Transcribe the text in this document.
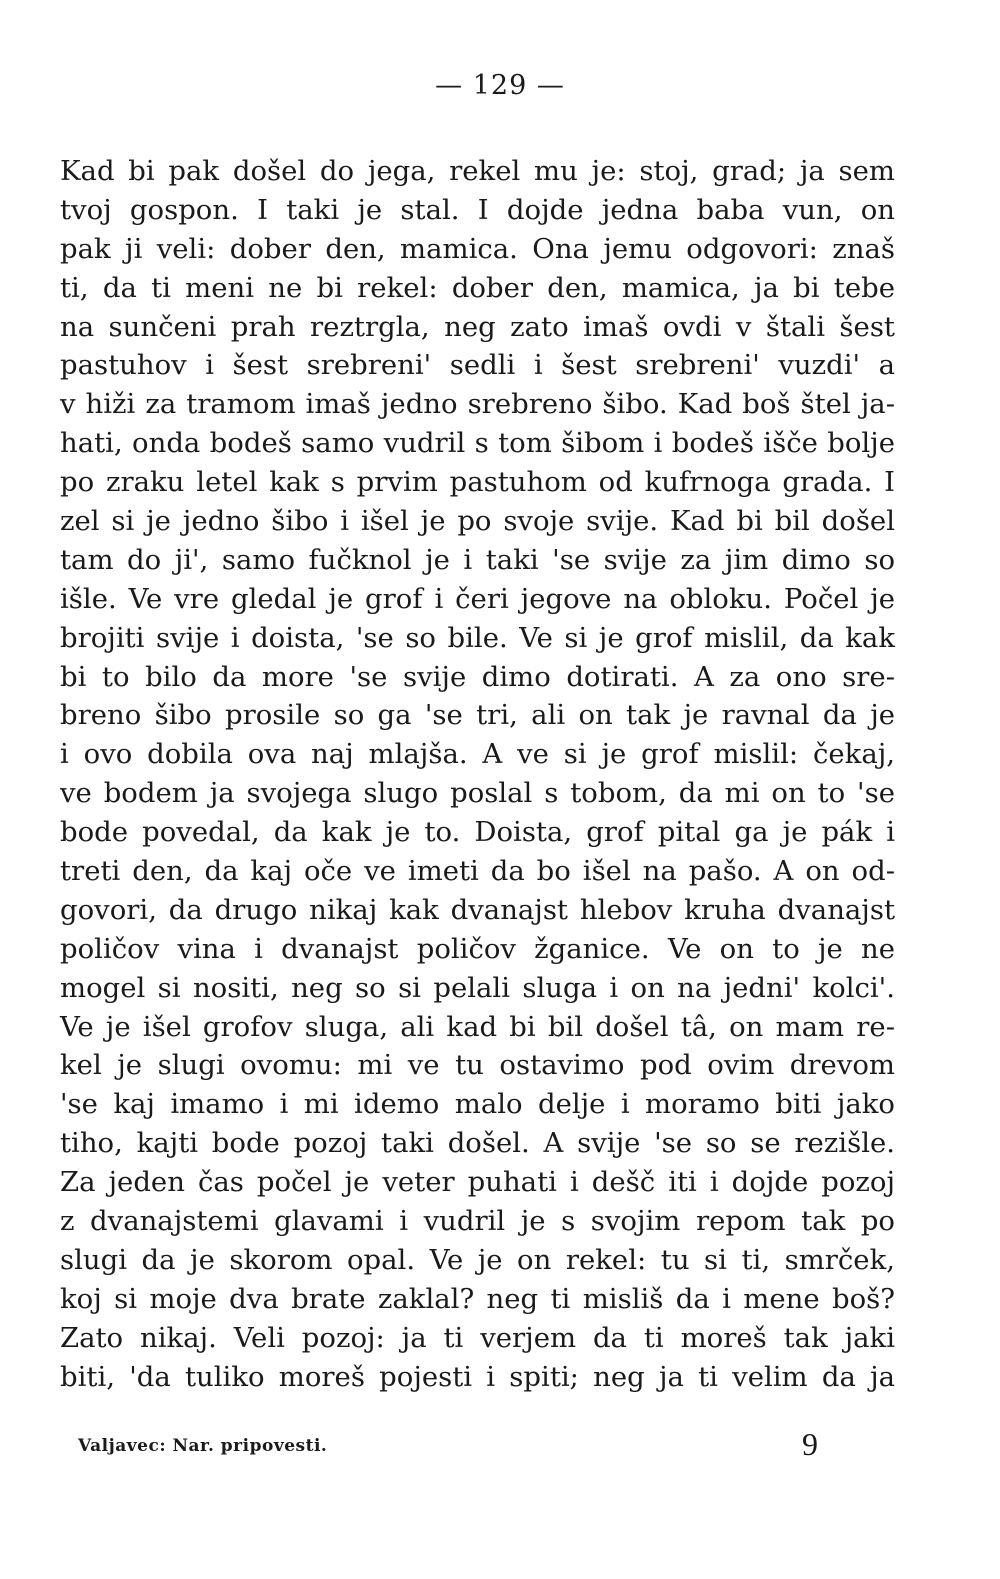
— 129 —
Kad bi pak došel do jega, rekel mu je: stoj, grad; ja sem
tvoj gospon. I taki je stal. I dojde jedna baba vun, on
pak ji veli: dober den, mamica. Ona jemu odgovori: znaš
ti, da ti meni ne bi rekel: dober den, mamica, ja bi tebe
na sunčeni prah reztrgla, neg zato imaš ovdi v štali šest
pastuhov i šest srebreni' sedli i šest srebreni' vuzdi' a
v hiži za tramom imaš jedno srebreno šibo. Kad boš štel ja-
hati, onda bodeš samo vudril s tom šibom i bodeš išče bolje
po zraku letel kak s prvim pastuhom od kufrnoga grada. I
zel si je jedno šibo i išel je po svoje svije. Kad bi bil došel
tam do ji', samo fučknol je i taki 'se svije za jim dimo so
išle. Ve vre gledal je grof i čeri jegove na obloku. Počel je
brojiti svije i doista, 'se so bile. Ve si je grof mislil, da kak
bi to bilo da more 'se svije dimo dotirati. A za ono sre-
breno šibo prosile so ga 'se tri, ali on tak je ravnal da je
i ovo dobila ova naj mlajša. A ve si je grof mislil: čekaj,
ve bodem ja svojega slugo poslal s tobom, da mi on to 'se
bode povedal, da kak je to. Doista, grof pital ga je pák i
treti den, da kaj oče ve imeti da bo išel na pašo. A on od-
govori, da drugo nikaj kak dvanajst hlebov kruha dvanajst
poličov vina i dvanajst poličov žganice. Ve on to je ne
mogel si nositi, neg so si pelali sluga i on na jedni' kolci'.
Ve je išel grofov sluga, ali kad bi bil došel tâ, on mam re-
kel je slugi ovomu: mi ve tu ostavimo pod ovim drevom
'se kaj imamo i mi idemo malo delje i moramo biti jako
tiho, kajti bode pozoj taki došel. A svije 'se so se rezišle.
Za jeden čas počel je veter puhati i dešč iti i dojde pozoj
z dvanajstemi glavami i vudril je s svojim repom tak po
slugi da je skorom opal. Ve je on rekel: tu si ti, smrček,
koj si moje dva brate zaklal? neg ti misliš da i mene boš?
Zato nikaj. Veli pozoj: ja ti verjem da ti moreš tak jaki
biti, 'da tuliko moreš pojesti i spiti; neg ja ti velim da ja
Valjavec: Nar. pripovesti.	9
